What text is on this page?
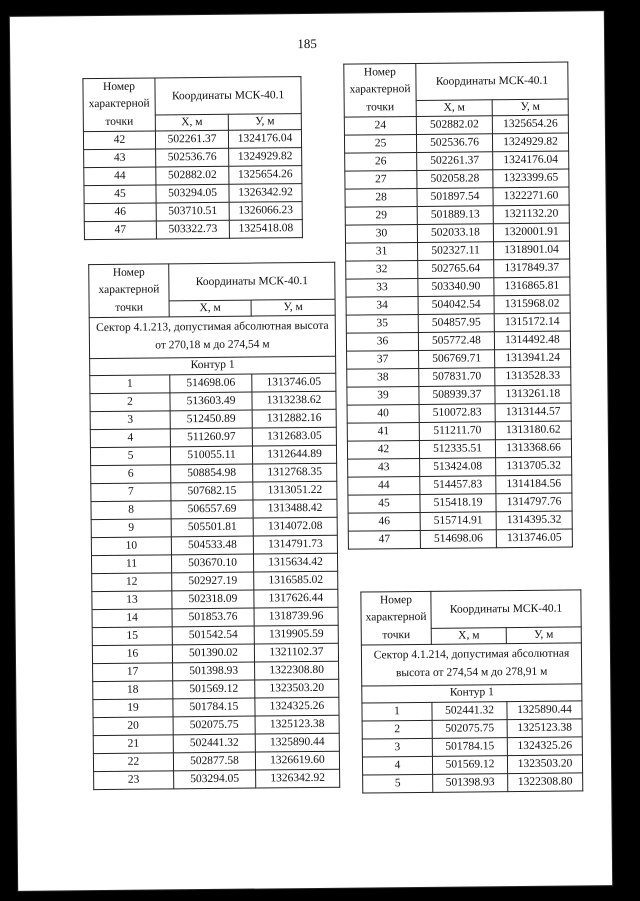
185
Номер характерной точки	Координаты МСК-40.1	
	X, м	У, м
42	502261.37	1324176.04
43	502536.76	1324929.82
44	502882.02	1325654.26
45	503294.05	1326342.92
46	503710.51	1326066.23
47	503322.73	1325418.08
Номер характерной точки	Координаты МСК-40.1	
	X, м	У, м
Сектор 4.1.213, допустимая абсолютная высота от 270,18 м до 274,54 м		
Контур 1		
1	514698.06	1313746.05
2	513603.49	1313238.62
3	512450.89	1312882.16
4	511260.97	1312683.05
5	510055.11	1312644.89
6	508854.98	1312768.35
7	507682.15	1313051.22
8	506557.69	1313488.42
9	505501.81	1314072.08
10	504533.48	1314791.73
11	503670.10	1315634.42
12	502927.19	1316585.02
13	502318.09	1317626.44
14	501853.76	1318739.96
15	501542.54	1319905.59
16	501390.02	1321102.37
17	501398.93	1322308.80
18	501569.12	1323503.20
19	501784.15	1324325.26
20	502075.75	1325123.38
21	502441.32	1325890.44
22	502877.58	1326619.60
23	503294.05	1326342.92
Номер характерной точки	Координаты МСК-40.1	
	X, м	У, м
24	502882.02	1325654.26
25	502536.76	1324929.82
26	502261.37	1324176.04
27	502058.28	1323399.65
28	501897.54	1322271.60
29	501889.13	1321132.20
30	502033.18	1320001.91
31	502327.11	1318901.04
32	502765.64	1317849.37
33	503340.90	1316865.81
34	504042.54	1315968.02
35	504857.95	1315172.14
36	505772.48	1314492.48
37	506769.71	1313941.24
38	507831.70	1313528.33
39	508939.37	1313261.18
40	510072.83	1313144.57
41	511211.70	1313180.62
42	512335.51	1313368.66
43	513424.08	1313705.32
44	514457.83	1314184.56
45	515418.19	1314797.76
46	515714.91	1314395.32
47	514698.06	1313746.05
Номер характерной точки	Координаты МСК-40.1	
	X, м	У, м
Сектор 4.1.214, допустимая абсолютная высота от 274,54 м до 278,91 м		
Контур 1		
1	502441.32	1325890.44
2	502075.75	1325123.38
3	501784.15	1324325.26
4	501569.12	1323503.20
5	501398.93	1322308.80
